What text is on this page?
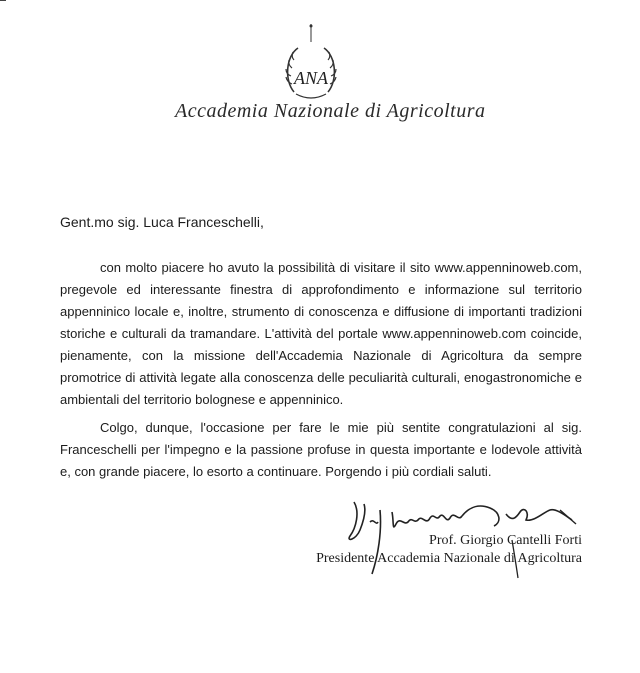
ANA
Accademia Nazionale di Agricoltura
Gent.mo sig. Luca Franceschelli,

con molto piacere ho avuto la possibilità di visitare il sito www.appenninoweb.com, pregevole ed interessante finestra di approfondimento e informazione sul territorio appenninico locale e, inoltre, strumento di conoscenza e diffusione di importanti tradizioni storiche e culturali da tramandare. L'attività del portale www.appenninoweb.com coincide, pienamente, con la missione dell'Accademia Nazionale di Agricoltura da sempre promotrice di attività legate alla conoscenza delle peculiarità culturali, enogastronomiche e ambientali del territorio bolognese e appenninico.

Colgo, dunque, l'occasione per fare le mie più sentite congratulazioni al sig. Franceschelli per l'impegno e la passione profuse in questa importante e lodevole attività e, con grande piacere, lo esorto a continuare. Porgendo i più cordiali saluti.

Prof. Giorgio Cantelli Forti
Presidente Accademia Nazionale di Agricoltura
